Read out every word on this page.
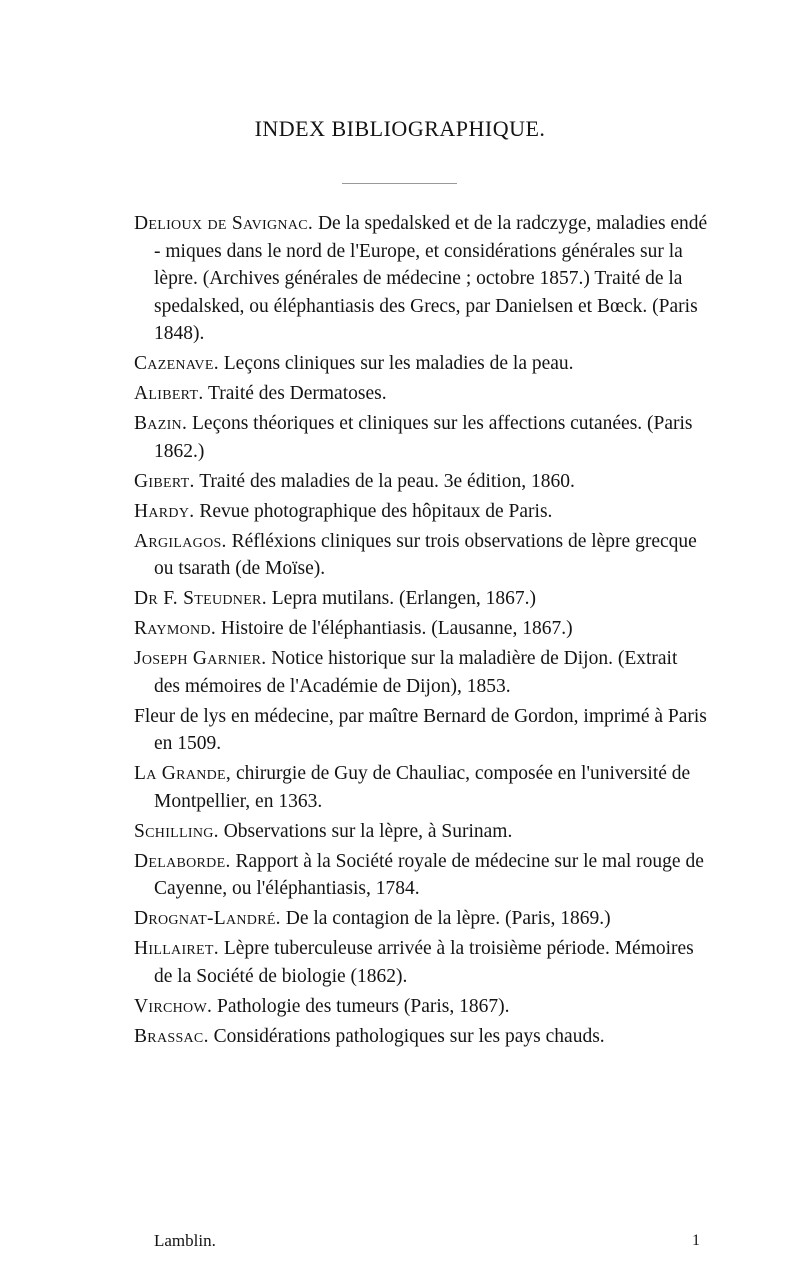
INDEX BIBLIOGRAPHIQUE.

Delioux de Savignac. De la spedalsked et de la radczyge, maladies endé - miques dans le nord de l'Europe, et considérations générales sur la lèpre. (Archives générales de médecine ; octobre 1857.) Traité de la spedalsked, ou éléphantiasis des Grecs, par Danielsen et Bœck. (Paris 1848).

Cazenave. Leçons cliniques sur les maladies de la peau.

Alibert. Traité des Dermatoses.

Bazin. Leçons théoriques et cliniques sur les affections cutanées. (Paris 1862.)

Gibert. Traité des maladies de la peau. 3e édition, 1860.

Hardy. Revue photographique des hôpitaux de Paris.

Argilagos. Réfléxions cliniques sur trois observations de lèpre grecque ou tsarath (de Moïse).

Dr F. Steudner. Lepra mutilans. (Erlangen, 1867.)

Raymond. Histoire de l'éléphantiasis. (Lausanne, 1867.)

Joseph Garnier. Notice historique sur la maladière de Dijon. (Extrait des mémoires de l'Académie de Dijon), 1853.

Fleur de lys en médecine, par maître Bernard de Gordon, imprimé à Paris en 1509.

La Grande, chirurgie de Guy de Chauliac, composée en l'université de Montpellier, en 1363.

Schilling. Observations sur la lèpre, à Surinam.

Delaborde. Rapport à la Société royale de médecine sur le mal rouge de Cayenne, ou l'éléphantiasis, 1784.

Drognat-Landré. De la contagion de la lèpre. (Paris, 1869.)

Hillairet. Lèpre tuberculeuse arrivée à la troisième période. Mémoires de la Société de biologie (1862).

Virchow. Pathologie des tumeurs (Paris, 1867).

Brassac. Considérations pathologiques sur les pays chauds.

Lamblin.	1
